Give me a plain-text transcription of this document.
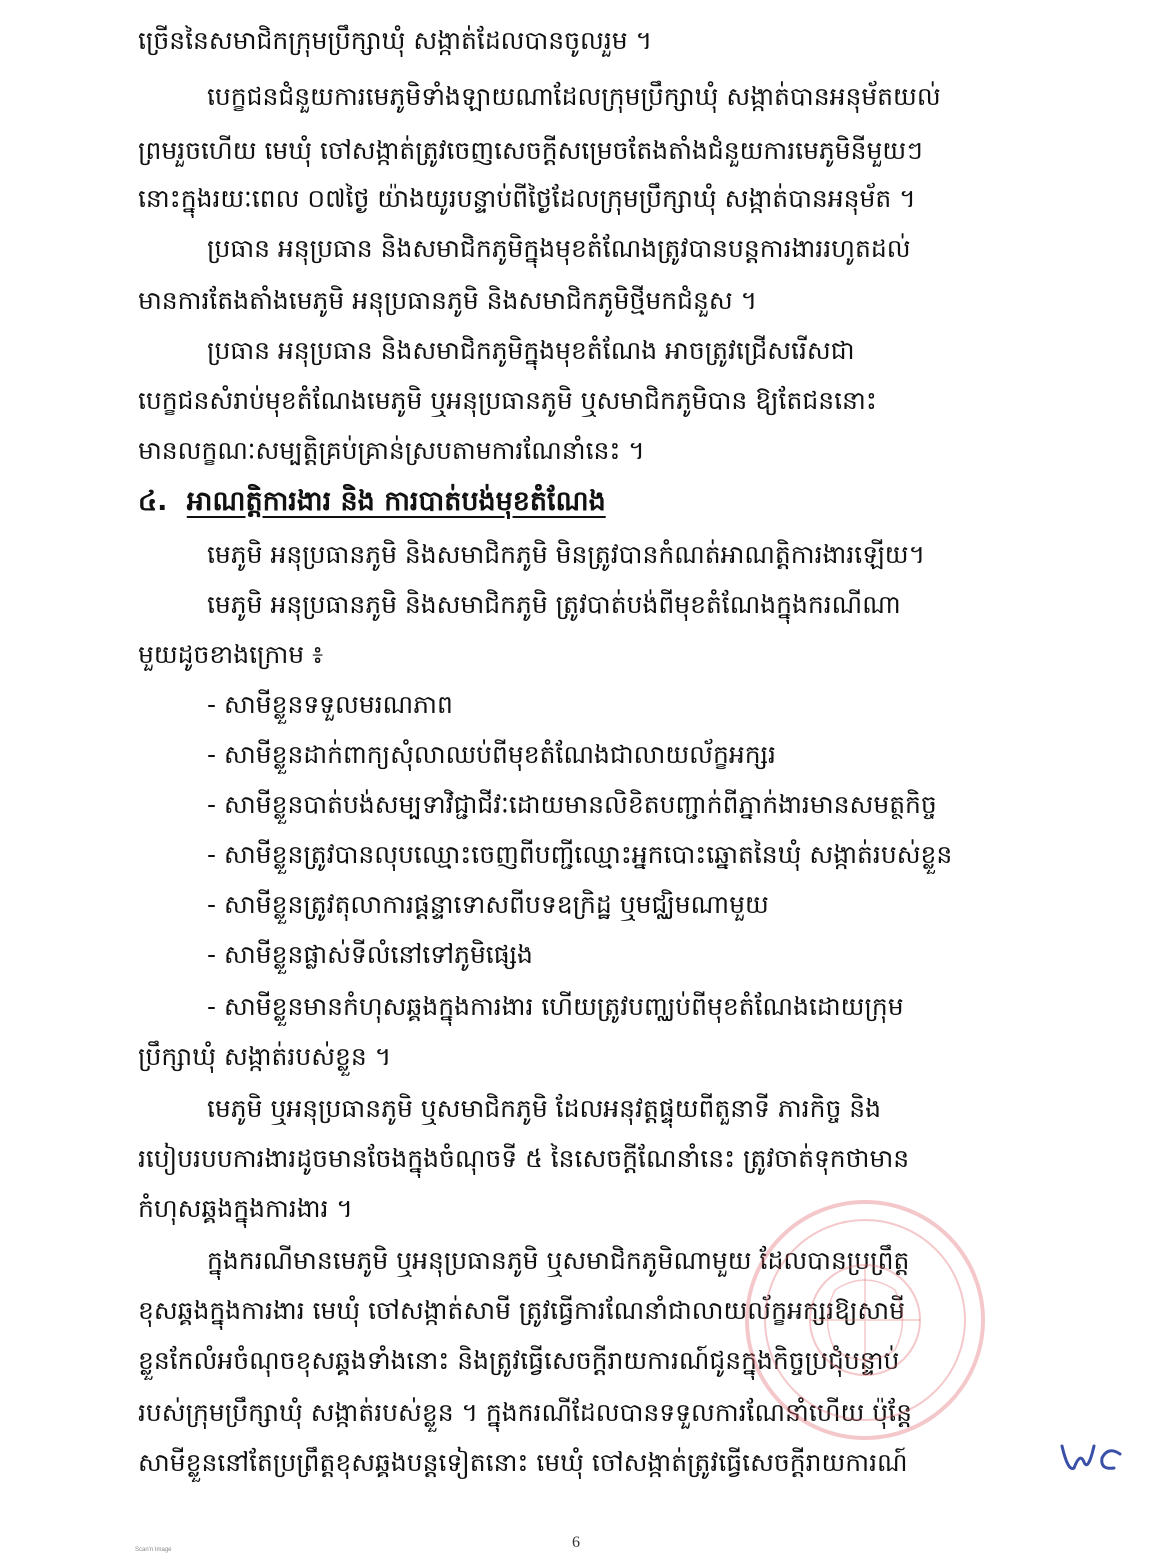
ច្រើននៃសមាជិកក្រុមប្រឹក្សាឃុំ សង្កាត់ដែលបានចូលរួម ។
បេក្ខជនជំនួយការមេភូមិទាំងឡាយណាដែលក្រុមប្រឹក្សាឃុំ សង្កាត់បានអនុម័តយល់
ព្រមរួចហើយ មេឃុំ ចៅសង្កាត់ត្រូវចេញសេចក្ដីសម្រេចតែងតាំងជំនួយការមេភូមិនីមួយៗ
នោះក្នុងរយៈពេល ០៧ថ្ងៃ យ៉ាងយូរបន្ទាប់ពីថ្ងៃដែលក្រុមប្រឹក្សាឃុំ សង្កាត់បានអនុម័ត ។
ប្រធាន អនុប្រធាន និងសមាជិកភូមិក្នុងមុខតំណែងត្រូវបានបន្តការងាររហូតដល់
មានការតែងតាំងមេភូមិ អនុប្រធានភូមិ និងសមាជិកភូមិថ្មីមកជំនួស ។
ប្រធាន អនុប្រធាន និងសមាជិកភូមិក្នុងមុខតំណែង អាចត្រូវជ្រើសរើសជា
បេក្ខជនសំរាប់មុខតំណែងមេភូមិ ឬអនុប្រធានភូមិ ឬសមាជិកភូមិបាន ឱ្យតែជននោះ
មានលក្ខណៈសម្បត្តិគ្រប់គ្រាន់ស្របតាមការណែនាំនេះ ។
៤. អាណត្តិការងារ និង ការបាត់បង់មុខតំណែង
មេភូមិ អនុប្រធានភូមិ និងសមាជិកភូមិ មិនត្រូវបានកំណត់អាណត្តិការងារឡើយ។
មេភូមិ អនុប្រធានភូមិ និងសមាជិកភូមិ ត្រូវបាត់បង់ពីមុខតំណែងក្នុងករណីណា
មួយដូចខាងក្រោម ៖
- សាមីខ្លួនទទួលមរណភាព
- សាមីខ្លួនដាក់ពាក្យសុំលាឈប់ពីមុខតំណែងជាលាយល័ក្ខអក្សរ
- សាមីខ្លួនបាត់បង់សម្បទាវិជ្ជាជីវៈដោយមានលិខិតបញ្ជាក់ពីភ្នាក់ងារមានសមត្ថកិច្ច
- សាមីខ្លួនត្រូវបានលុបឈ្មោះចេញពីបញ្ជីឈ្មោះអ្នកបោះឆ្នោតនៃឃុំ សង្កាត់របស់ខ្លួន
- សាមីខ្លួនត្រូវតុលាការផ្ដន្ទាទោសពីបទឧក្រិដ្ឋ ឬមជ្ឈិមណាមួយ
- សាមីខ្លួនផ្លាស់ទីលំនៅទៅភូមិផ្សេង
- សាមីខ្លួនមានកំហុសឆ្គងក្នុងការងារ ហើយត្រូវបញ្ឈប់ពីមុខតំណែងដោយក្រុម
ប្រឹក្សាឃុំ សង្កាត់របស់ខ្លួន ។
មេភូមិ ឬអនុប្រធានភូមិ ឬសមាជិកភូមិ ដែលអនុវត្តផ្ទុយពីតួនាទី ភារកិច្ច និង
របៀបរបបការងារដូចមានចែងក្នុងចំណុចទី ៥ នៃសេចក្ដីណែនាំនេះ ត្រូវចាត់ទុកថាមាន
កំហុសឆ្គងក្នុងការងារ ។
ក្នុងករណីមានមេភូមិ ឬអនុប្រធានភូមិ ឬសមាជិកភូមិណាមួយ ដែលបានប្រព្រឹត្ត
ខុសឆ្គងក្នុងការងារ មេឃុំ ចៅសង្កាត់សាមី ត្រូវធ្វើការណែនាំជាលាយល័ក្ខអក្សរឱ្យសាមី
ខ្លួនកែលំអចំណុចខុសឆ្គងទាំងនោះ និងត្រូវធ្វើសេចក្ដីរាយការណ៍ជូនក្នុងកិច្ចប្រជុំបន្ទាប់
របស់ក្រុមប្រឹក្សាឃុំ សង្កាត់របស់ខ្លួន ។ ក្នុងករណីដែលបានទទួលការណែនាំហើយ ប៉ុន្តែ
សាមីខ្លួននៅតែប្រព្រឹត្តខុសឆ្គងបន្តទៀតនោះ មេឃុំ ចៅសង្កាត់ត្រូវធ្វើសេចក្ដីរាយការណ៍
6
Scan'n Image
